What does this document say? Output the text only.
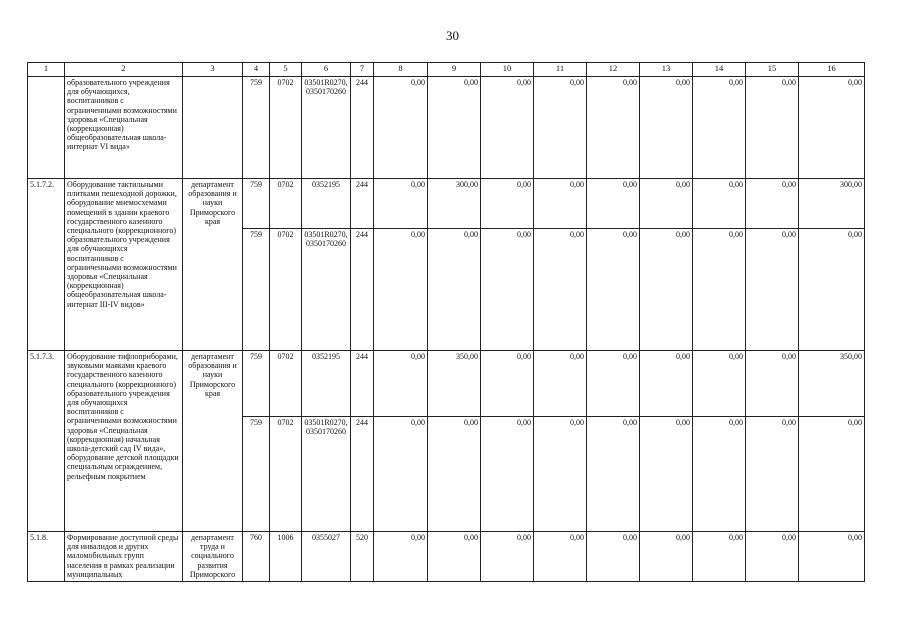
30
1	2	3	4	5	6	7	8	9	10	11	12	13	14	15	16
	образовательного учреждения для обучающихся, воспитанников с ограниченными возможностями здоровья «Специальная (коррекционная) общеобразовательная школа-интернат VI вида»		759	0702	03501R0270, 0350170260	244	0,00	0,00	0,00	0,00	0,00	0,00	0,00	0,00	0,00
5.1.7.2.	Оборудование тактильными плитками пешеходной дорожки, оборудование мнемосхемами помещений в здании краевого государственного казенного специального (коррекционного) образовательного учреждения для обучающихся воспитанников с ограниченными возможностями здоровья «Специальная (коррекционная) общеобразовательная школа-интернат III-IV видов»	департамент образования и науки Приморского края	759	0702	0352195	244	0,00	300,00	0,00	0,00	0,00	0,00	0,00	0,00	300,00
			759	0702	03501R0270, 0350170260	244	0,00	0,00	0,00	0,00	0,00	0,00	0,00	0,00	0,00
5.1.7.3.	Оборудование тифлоприборами, звуковыми маяками краевого государственного казенного специального (коррекционного) образовательного учреждения для обучающихся воспитанников с ограниченными возможностями здоровья «Специальная (коррекционная) начальная школа-детский сад IV вида», оборудование детской площадки специальным ограждением, рельефным покрытием	департамент образования и науки Приморского края	759	0702	0352195	244	0,00	350,00	0,00	0,00	0,00	0,00	0,00	0,00	350,00
			759	0702	03501R0270, 0350170260	244	0,00	0,00	0,00	0,00	0,00	0,00	0,00	0,00	0,00
5.1.8.	Формирование доступной среды для инвалидов и других маломобильных групп населения в рамках реализации муниципальных	департамент труда и социального развития Приморского	760	1006	0355027	520	0,00	0,00	0,00	0,00	0,00	0,00	0,00	0,00	0,00
